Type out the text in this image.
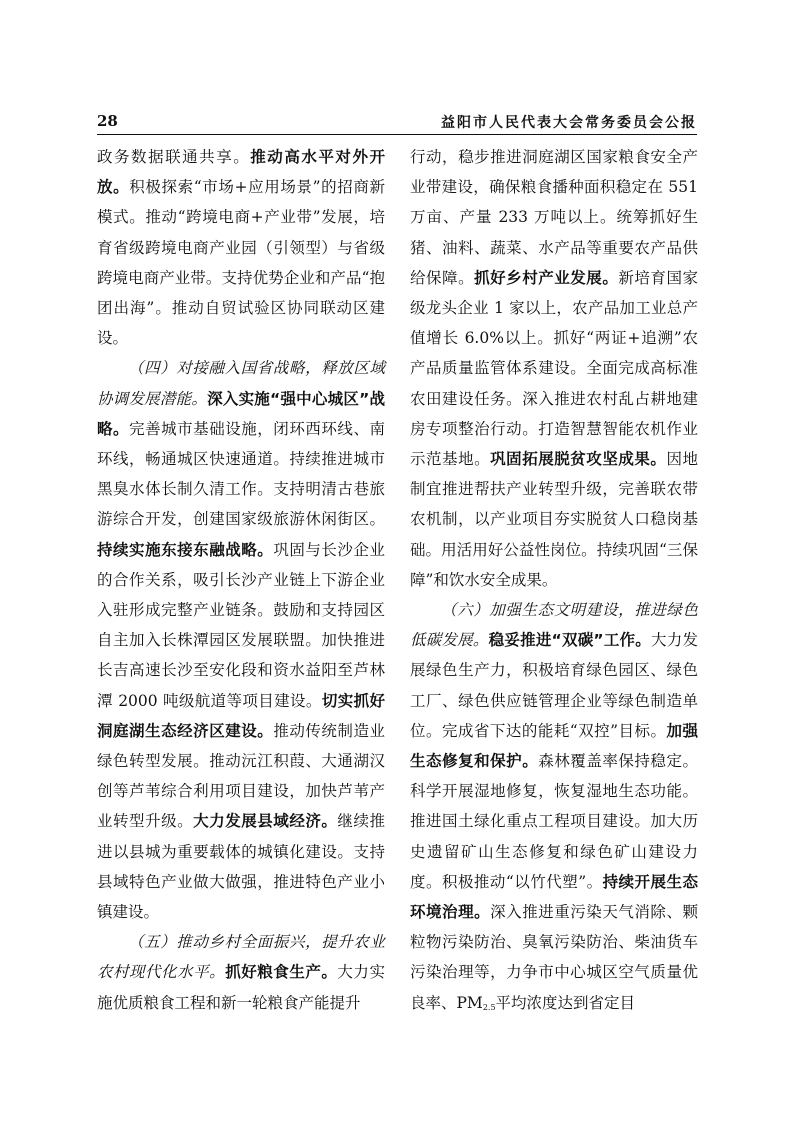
28	益阳市人民代表大会常务委员会公报

政务数据联通共享。推动高水平对外开放。积极探索“市场+应用场景”的招商新模式。推动“跨境电商+产业带”发展，培育省级跨境电商产业园（引领型）与省级跨境电商产业带。支持优势企业和产品“抱团出海”。推动自贸试验区协同联动区建设。

（四）对接融入国省战略，释放区域协调发展潜能。深入实施“强中心城区”战略。完善城市基础设施，闭环西环线、南环线，畅通城区快速通道。持续推进城市黑臭水体长制久清工作。支持明清古巷旅游综合开发，创建国家级旅游休闲街区。持续实施东接东融战略。巩固与长沙企业的合作关系，吸引长沙产业链上下游企业入驻形成完整产业链条。鼓励和支持园区自主加入长株潭园区发展联盟。加快推进长吉高速长沙至安化段和资水益阳至芦林潭 2000 吨级航道等项目建设。切实抓好洞庭湖生态经济区建设。推动传统制造业绿色转型发展。推动沅江积葭、大通湖汉创等芦苇综合利用项目建设，加快芦苇产业转型升级。大力发展县域经济。继续推进以县城为重要载体的城镇化建设。支持县域特色产业做大做强，推进特色产业小镇建设。

（五）推动乡村全面振兴，提升农业农村现代化水平。抓好粮食生产。大力实施优质粮食工程和新一轮粮食产能提升

行动，稳步推进洞庭湖区国家粮食安全产业带建设，确保粮食播种面积稳定在 551 万亩、产量 233 万吨以上。统筹抓好生猪、油料、蔬菜、水产品等重要农产品供给保障。抓好乡村产业发展。新培育国家级龙头企业 1 家以上，农产品加工业总产值增长 6.0%以上。抓好“两证+追溯”农产品质量监管体系建设。全面完成高标准农田建设任务。深入推进农村乱占耕地建房专项整治行动。打造智慧智能农机作业示范基地。巩固拓展脱贫攻坚成果。因地制宜推进帮扶产业转型升级，完善联农带农机制，以产业项目夯实脱贫人口稳岗基础。用活用好公益性岗位。持续巩固“三保障”和饮水安全成果。

（六）加强生态文明建设，推进绿色低碳发展。稳妥推进“双碳”工作。大力发展绿色生产力，积极培育绿色园区、绿色工厂、绿色供应链管理企业等绿色制造单位。完成省下达的能耗“双控”目标。加强生态修复和保护。森林覆盖率保持稳定。科学开展湿地修复，恢复湿地生态功能。推进国土绿化重点工程项目建设。加大历史遗留矿山生态修复和绿色矿山建设力度。积极推动“以竹代塑”。持续开展生态环境治理。深入推进重污染天气消除、颗粒物污染防治、臭氧污染防治、柴油货车污染治理等，力争市中心城区空气质量优良率、$PM_{2.5}$平均浓度达到省定目
